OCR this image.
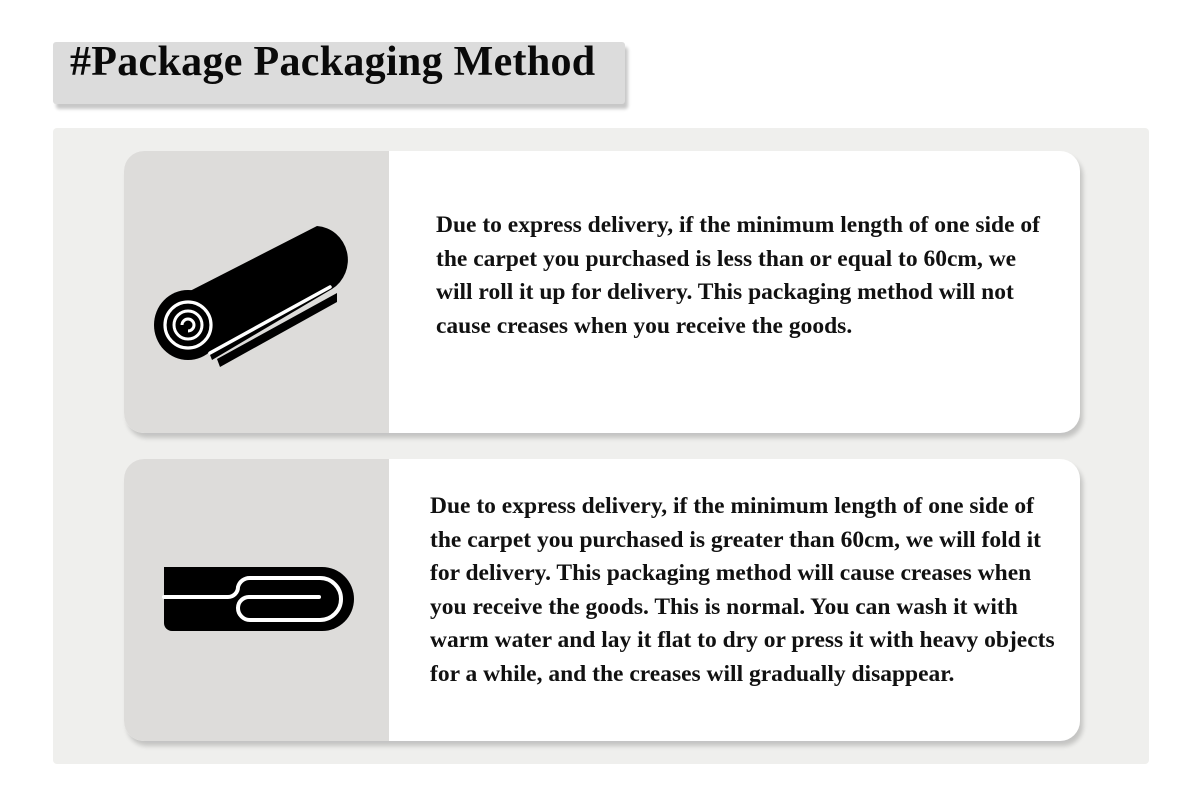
#Package Packaging Method

Due to express delivery, if the minimum length of one side of the carpet you purchased is less than or equal to 60cm, we will roll it up for delivery. This packaging method will not cause creases when you receive the goods.

Due to express delivery, if the minimum length of one side of the carpet you purchased is greater than 60cm, we will fold it for delivery. This packaging method will cause creases when you receive the goods. This is normal. You can wash it with warm water and lay it flat to dry or press it with heavy objects for a while, and the creases will gradually disappear.
